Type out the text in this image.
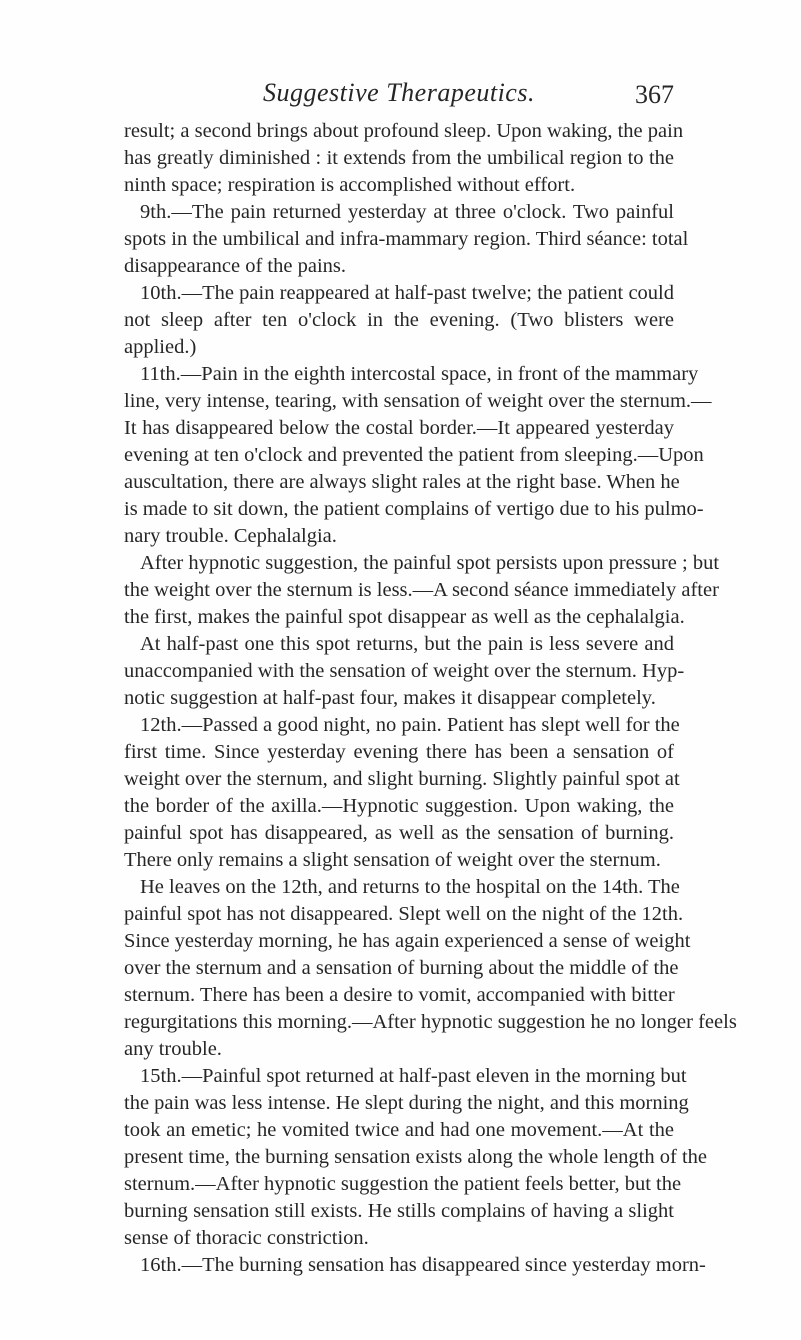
Suggestive Therapeutics.	367
result; a second brings about profound sleep. Upon waking, the pain
has greatly diminished : it extends from the umbilical region to the
ninth space; respiration is accomplished without effort.
9th.—The pain returned yesterday at three o'clock. Two painful
spots in the umbilical and infra-mammary region. Third séance: total
disappearance of the pains.
10th.—The pain reappeared at half-past twelve; the patient could
not sleep after ten o'clock in the evening. (Two blisters were
applied.)
11th.—Pain in the eighth intercostal space, in front of the mammary
line, very intense, tearing, with sensation of weight over the sternum.—
It has disappeared below the costal border.—It appeared yesterday
evening at ten o'clock and prevented the patient from sleeping.—Upon
auscultation, there are always slight rales at the right base. When he
is made to sit down, the patient complains of vertigo due to his pulmo-
nary trouble. Cephalalgia.
After hypnotic suggestion, the painful spot persists upon pressure ; but
the weight over the sternum is less.—A second séance immediately after
the first, makes the painful spot disappear as well as the cephalalgia.
At half-past one this spot returns, but the pain is less severe and
unaccompanied with the sensation of weight over the sternum. Hyp-
notic suggestion at half-past four, makes it disappear completely.
12th.—Passed a good night, no pain. Patient has slept well for the
first time. Since yesterday evening there has been a sensation of
weight over the sternum, and slight burning. Slightly painful spot at
the border of the axilla.—Hypnotic suggestion. Upon waking, the
painful spot has disappeared, as well as the sensation of burning.
There only remains a slight sensation of weight over the sternum.
He leaves on the 12th, and returns to the hospital on the 14th. The
painful spot has not disappeared. Slept well on the night of the 12th.
Since yesterday morning, he has again experienced a sense of weight
over the sternum and a sensation of burning about the middle of the
sternum. There has been a desire to vomit, accompanied with bitter
regurgitations this morning.—After hypnotic suggestion he no longer feels
any trouble.
15th.—Painful spot returned at half-past eleven in the morning but
the pain was less intense. He slept during the night, and this morning
took an emetic; he vomited twice and had one movement.—At the
present time, the burning sensation exists along the whole length of the
sternum.—After hypnotic suggestion the patient feels better, but the
burning sensation still exists. He stills complains of having a slight
sense of thoracic constriction.
16th.—The burning sensation has disappeared since yesterday morn-
